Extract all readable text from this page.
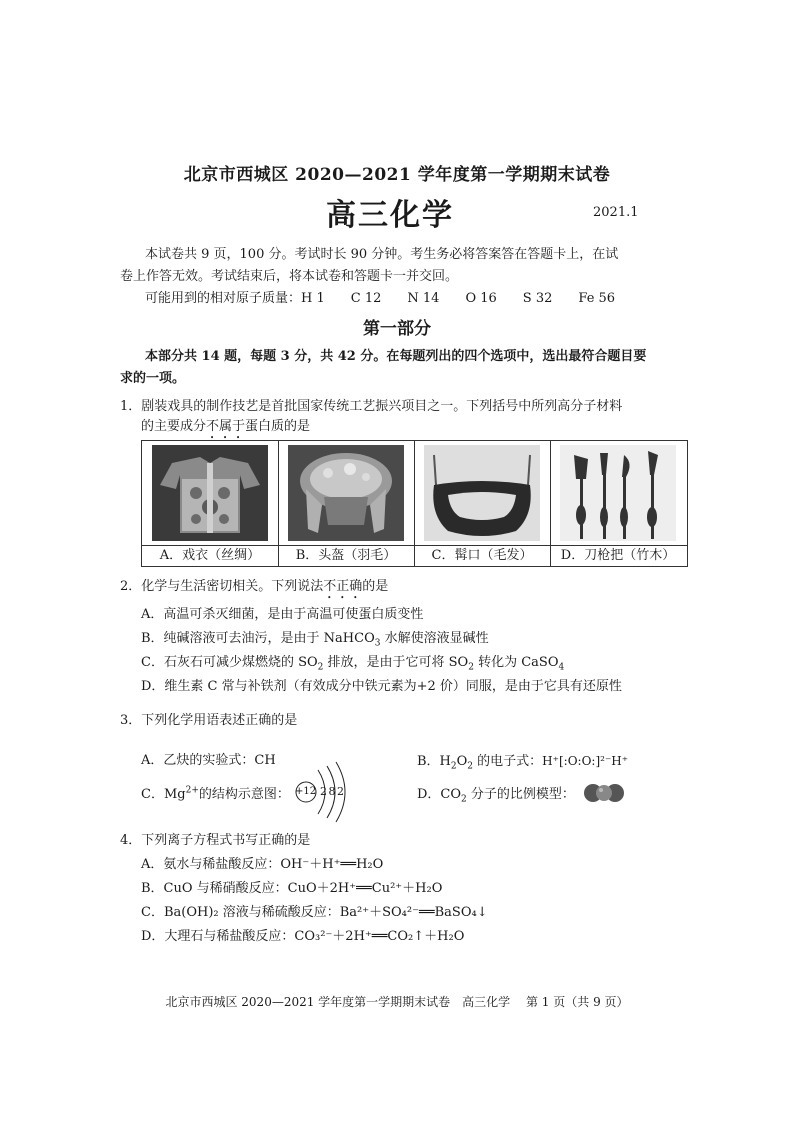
北京市西城区 2020—2021 学年度第一学期期末试卷
高三化学	2021.1
本试卷共 9 页，100 分。考试时长 90 分钟。考生务必将答案答在答题卡上，在试
卷上作答无效。考试结束后，将本试卷和答题卡一并交回。
可能用到的相对原子质量：H 1 C 12 N 14 O 16 S 32 Fe 56
第一部分
本部分共 14 题，每题 3 分，共 42 分。在每题列出的四个选项中，选出最符合题目要
求的一项。
1．剧装戏具的制作技艺是首批国家传统工艺振兴项目之一。下列括号中所列高分子材料
的主要成分不属于蛋白质的是
A．戏衣（丝绸）	B．头盔（羽毛）	C．髯口（毛发）	D．刀枪把（竹木）
2．化学与生活密切相关。下列说法不正确的是
A．高温可杀灭细菌，是由于高温可使蛋白质变性
B．纯碱溶液可去油污，是由于 NaHCO$_3$ 水解使溶液显碱性
C．石灰石可减少煤燃烧的 $SO_2$ 排放，是由于它可将 $SO_2$ 转化为 CaSO$_4$
D．维生素 C 常与补铁剂（有效成分中铁元素为+2 价）同服，是由于它具有还原性
3．下列化学用语表述正确的是
A．乙炔的实验式：CH	B．$H_2O_2$ 的电子式：H⁺[:O:O:]²⁻H⁺
C．$Mg^{2+}$的结构示意图： +12 2 8 2	D．$CO_2$ 分子的比例模型：
4．下列离子方程式书写正确的是
A．氨水与稀盐酸反应：OH⁻＋H⁺══H₂O
B．CuO 与稀硝酸反应：CuO＋2H⁺══Cu²⁺＋H₂O
C．Ba(OH)₂ 溶液与稀硫酸反应：Ba²⁺＋SO₄²⁻══BaSO₄↓
D．大理石与稀盐酸反应：CO₃²⁻＋2H⁺══CO₂↑＋H₂O
北京市西城区 2020—2021 学年度第一学期期末试卷　高三化学　 第 1 页（共 9 页）
